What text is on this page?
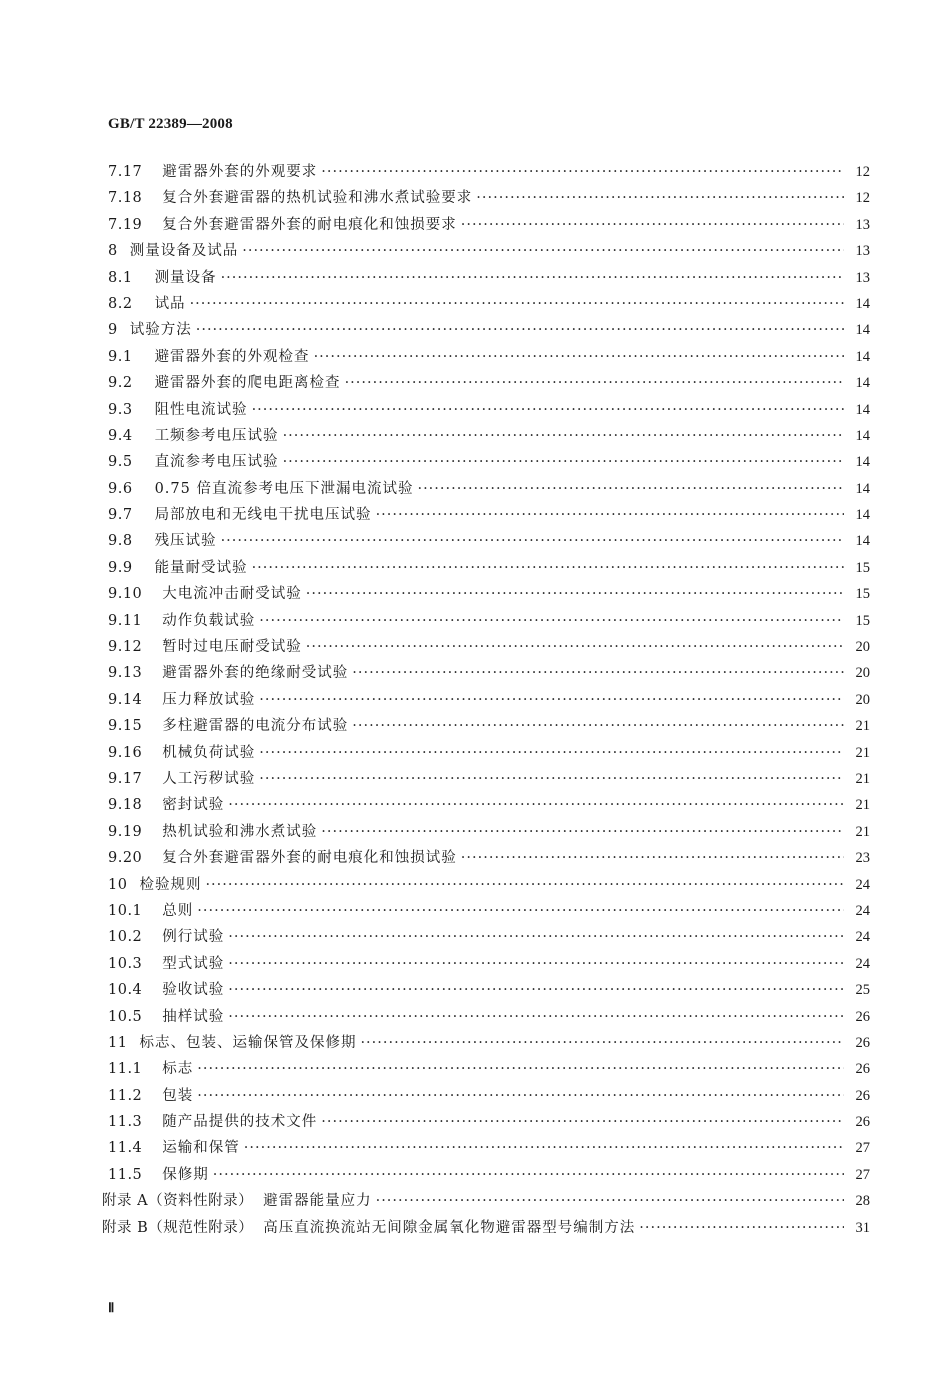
GB/T 22389—2008
7.17 避雷器外套的外观要求 ·····	12
7.18 复合外套避雷器的热机试验和沸水煮试验要求 ·····	12
7.19 复合外套避雷器外套的耐电痕化和蚀损要求 ·····	13
8 测量设备及试品 ·····	13
8.1 测量设备 ·····	13
8.2 试品 ·····	14
9 试验方法 ·····	14
9.1 避雷器外套的外观检查 ·····	14
9.2 避雷器外套的爬电距离检查 ·····	14
9.3 阻性电流试验 ·····	14
9.4 工频参考电压试验 ·····	14
9.5 直流参考电压试验 ·····	14
9.6 0.75 倍直流参考电压下泄漏电流试验 ·····	14
9.7 局部放电和无线电干扰电压试验 ·····	14
9.8 残压试验 ·····	14
9.9 能量耐受试验 ·····	15
9.10 大电流冲击耐受试验 ·····	15
9.11 动作负载试验 ·····	15
9.12 暂时过电压耐受试验 ·····	20
9.13 避雷器外套的绝缘耐受试验 ·····	20
9.14 压力释放试验 ·····	20
9.15 多柱避雷器的电流分布试验 ·····	21
9.16 机械负荷试验 ·····	21
9.17 人工污秽试验 ·····	21
9.18 密封试验 ·····	21
9.19 热机试验和沸水煮试验 ·····	21
9.20 复合外套避雷器外套的耐电痕化和蚀损试验 ·····	23
10 检验规则 ·····	24
10.1 总则 ·····	24
10.2 例行试验 ·····	24
10.3 型式试验 ·····	24
10.4 验收试验 ·····	25
10.5 抽样试验 ·····	26
11 标志、包装、运输保管及保修期 ·····	26
11.1 标志 ·····	26
11.2 包装 ·····	26
11.3 随产品提供的技术文件 ·····	26
11.4 运输和保管 ·····	27
11.5 保修期 ·····	27
附录 A（资料性附录） 避雷器能量应力 ·····	28
附录 B（规范性附录） 高压直流换流站无间隙金属氧化物避雷器型号编制方法 ·····	31
Ⅱ
